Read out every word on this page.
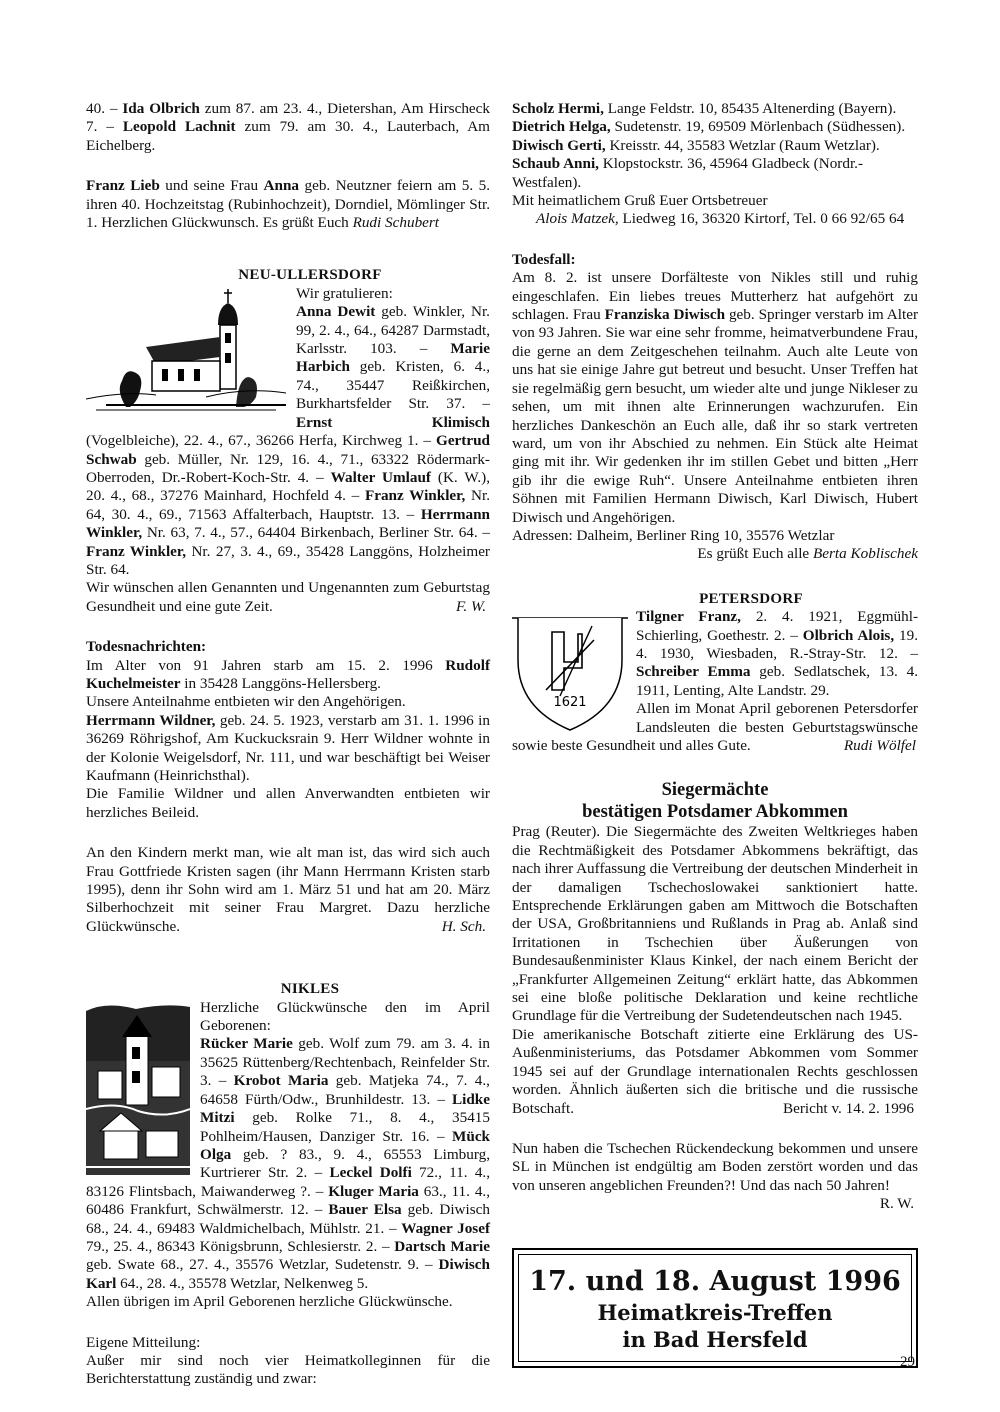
40. – Ida Olbrich zum 87. am 23. 4., Dietershan, Am Hirscheck 7. – Leopold Lachnit zum 79. am 30. 4., Lauterbach, Am Eichelberg.

Franz Lieb und seine Frau Anna geb. Neutzner feiern am 5. 5. ihren 40. Hochzeitstag (Rubinhochzeit), Dorndiel, Mömlinger Str. 1. Herzlichen Glückwunsch. Es grüßt Euch Rudi Schubert

NEU-ULLERSDORF

Wir gratulieren:

Anna Dewit geb. Winkler, Nr. 99, 2. 4., 64., 64287 Darmstadt, Karlsstr. 103. – Marie Harbich geb. Kristen, 6. 4., 74., 35447 Reißkirchen, Burkhartsfelder Str. 37. – Ernst Klimisch (Vogelbleiche), 22. 4., 67., 36266 Herfa, Kirchweg 1. – Gertrud Schwab geb. Müller, Nr. 129, 16. 4., 71., 63322 Rödermark-Oberroden, Dr.-Robert-Koch-Str. 4. – Walter Umlauf (K. W.), 20. 4., 68., 37276 Mainhard, Hochfeld 4. – Franz Winkler, Nr. 64, 30. 4., 69., 71563 Affalterbach, Hauptstr. 13. – Herrmann Winkler, Nr. 63, 7. 4., 57., 64404 Birkenbach, Berliner Str. 64. – Franz Winkler, Nr. 27, 3. 4., 69., 35428 Langgöns, Holzheimer Str. 64.

Wir wünschen allen Genannten und Ungenannten zum Geburtstag Gesundheit und eine gute Zeit.	F. W.

Todesnachrichten:

Im Alter von 91 Jahren starb am 15. 2. 1996 Rudolf Kuchelmeister in 35428 Langgöns-Hellersberg.

Unsere Anteilnahme entbieten wir den Angehörigen.

Herrmann Wildner, geb. 24. 5. 1923, verstarb am 31. 1. 1996 in 36269 Röhrigshof, Am Kuckucksrain 9. Herr Wildner wohnte in der Kolonie Weigelsdorf, Nr. 111, und war beschäftigt bei Weiser Kaufmann (Heinrichsthal).

Die Familie Wildner und allen Anverwandten entbieten wir herzliches Beileid.

An den Kindern merkt man, wie alt man ist, das wird sich auch Frau Gottfriede Kristen sagen (ihr Mann Herrmann Kristen starb 1995), denn ihr Sohn wird am 1. März 51 und hat am 20. März Silberhochzeit mit seiner Frau Margret. Dazu herzliche Glückwünsche.	H. Sch.

NIKLES

Herzliche Glückwünsche den im April Geborenen:

Rücker Marie geb. Wolf zum 79. am 3. 4. in 35625 Rüttenberg/Rechtenbach, Reinfelder Str. 3. – Krobot Maria geb. Matjeka 74., 7. 4., 64658 Fürth/Odw., Brunhildestr. 13. – Lidke Mitzi geb. Rolke 71., 8. 4., 35415 Pohlheim/Hausen, Danziger Str. 16. – Mück Olga geb. ? 83., 9. 4., 65553 Limburg, Kurtrierer Str. 2. – Leckel Dolfi 72., 11. 4., 83126 Flintsbach, Maiwanderweg ?. – Kluger Maria 63., 11. 4., 60486 Frankfurt, Schwälmerstr. 12. – Bauer Elsa geb. Diwisch 68., 24. 4., 69483 Waldmichelbach, Mühlstr. 21. – Wagner Josef 79., 25. 4., 86343 Königsbrunn, Schlesierstr. 2. – Dartsch Marie geb. Swate 68., 27. 4., 35576 Wetzlar, Sudetenstr. 9. – Diwisch Karl 64., 28. 4., 35578 Wetzlar, Nelkenweg 5.

Allen übrigen im April Geborenen herzliche Glückwünsche.

Eigene Mitteilung:

Außer mir sind noch vier Heimatkolleginnen für die Berichterstattung zuständig und zwar:

Scholz Hermi, Lange Feldstr. 10, 85435 Altenerding (Bayern).
Dietrich Helga, Sudetenstr. 19, 69509 Mörlenbach (Südhessen).
Diwisch Gerti, Kreisstr. 44, 35583 Wetzlar (Raum Wetzlar).
Schaub Anni, Klopstockstr. 36, 45964 Gladbeck (Nordr.-Westfalen).

Mit heimatlichem Gruß Euer Ortsbetreuer

Alois Matzek, Liedweg 16, 36320 Kirtorf, Tel. 0 66 92/65 64

Todesfall:

Am 8. 2. ist unsere Dorfälteste von Nikles still und ruhig eingeschlafen. Ein liebes treues Mutterherz hat aufgehört zu schlagen. Frau Franziska Diwisch geb. Springer verstarb im Alter von 93 Jahren. Sie war eine sehr fromme, heimatverbundene Frau, die gerne an dem Zeitgeschehen teilnahm. Auch alte Leute von uns hat sie einige Jahre gut betreut und besucht. Unser Treffen hat sie regelmäßig gern besucht, um wieder alte und junge Nikleser zu sehen, um mit ihnen alte Erinnerungen wachzurufen. Ein herzliches Dankeschön an Euch alle, daß ihr so stark vertreten ward, um von ihr Abschied zu nehmen. Ein Stück alte Heimat ging mit ihr. Wir gedenken ihr im stillen Gebet und bitten „Herr gib ihr die ewige Ruh“. Unsere Anteilnahme entbieten ihren Söhnen mit Familien Hermann Diwisch, Karl Diwisch, Hubert Diwisch und Angehörigen.

Adressen: Dalheim, Berliner Ring 10, 35576 Wetzlar

Es grüßt Euch alle Berta Koblischek

PETERSDORF

1621

Tilgner Franz, 2. 4. 1921, Eggmühl-Schierling, Goethestr. 2. – Olbrich Alois, 19. 4. 1930, Wiesbaden, R.-Stray-Str. 12. – Schreiber Emma geb. Sedlatschek, 13. 4. 1911, Lenting, Alte Landstr. 29.

Allen im Monat April geborenen Petersdorfer Landsleuten die besten Geburtstagswünsche sowie beste Gesundheit und alles Gute.	Rudi Wölfel

Siegermächte

bestätigen Potsdamer Abkommen

Prag (Reuter). Die Siegermächte des Zweiten Weltkrieges haben die Rechtmäßigkeit des Potsdamer Abkommens bekräftigt, das nach ihrer Auffassung die Vertreibung der deutschen Minderheit in der damaligen Tschechoslowakei sanktioniert hatte. Entsprechende Erklärungen gaben am Mittwoch die Botschaften der USA, Großbritanniens und Rußlands in Prag ab. Anlaß sind Irritationen in Tschechien über Äußerungen von Bundesaußenminister Klaus Kinkel, der nach einem Bericht der „Frankfurter Allgemeinen Zeitung“ erklärt hatte, das Abkommen sei eine bloße politische Deklaration und keine rechtliche Grundlage für die Vertreibung der Sudetendeutschen nach 1945.

Die amerikanische Botschaft zitierte eine Erklärung des US-Außenministeriums, das Potsdamer Abkommen vom Sommer 1945 sei auf der Grundlage internationalen Rechts geschlossen worden. Ähnlich äußerten sich die britische und die russische Botschaft.	Bericht v. 14. 2. 1996

Nun haben die Tschechen Rückendeckung bekommen und unsere SL in München ist endgültig am Boden zerstört worden und das von unseren angeblichen Freunden?! Und das nach 50 Jahren!
R. W.

17. und 18. August 1996
Heimatkreis-Treffen
in Bad Hersfeld
29
